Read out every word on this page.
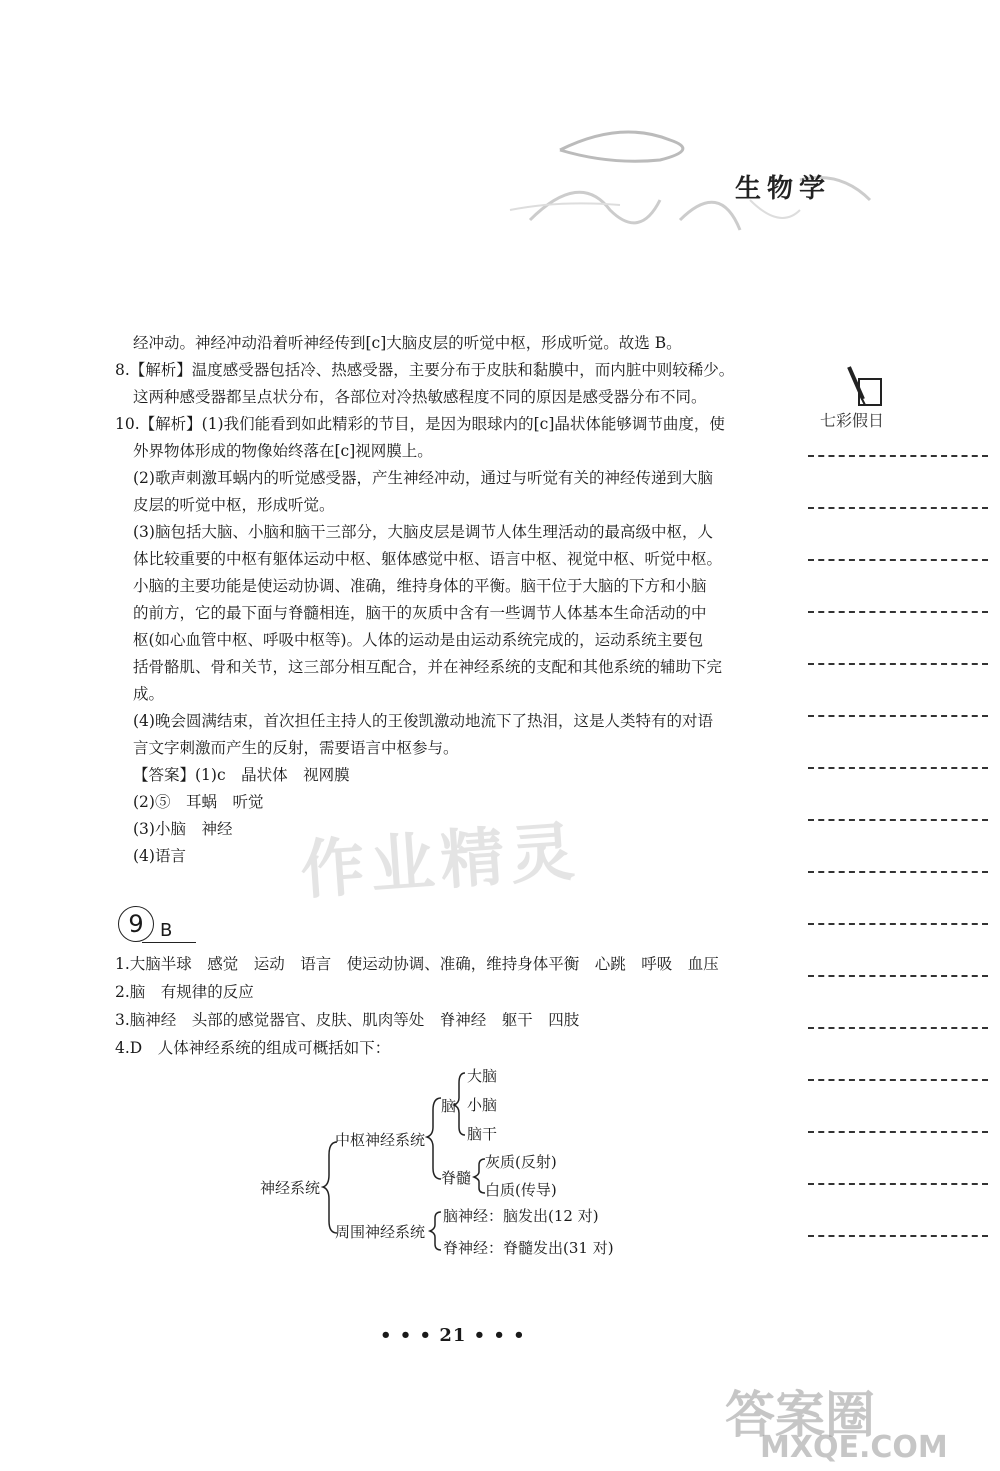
生物学
七彩假日

经冲动。神经冲动沿着听神经传到[c]大脑皮层的听觉中枢，形成听觉。故选 B。

8.【解析】温度感受器包括冷、热感受器，主要分布于皮肤和黏膜中，而内脏中则较稀少。

这两种感受器都呈点状分布，各部位对冷热敏感程度不同的原因是感受器分布不同。

10.【解析】(1)我们能看到如此精彩的节目，是因为眼球内的[c]晶状体能够调节曲度，使

外界物体形成的物像始终落在[c]视网膜上。

(2)歌声刺激耳蜗内的听觉感受器，产生神经冲动，通过与听觉有关的神经传递到大脑

皮层的听觉中枢，形成听觉。

(3)脑包括大脑、小脑和脑干三部分，大脑皮层是调节人体生理活动的最高级中枢，人

体比较重要的中枢有躯体运动中枢、躯体感觉中枢、语言中枢、视觉中枢、听觉中枢。

小脑的主要功能是使运动协调、准确，维持身体的平衡。脑干位于大脑的下方和小脑

的前方，它的最下面与脊髓相连，脑干的灰质中含有一些调节人体基本生命活动的中

枢(如心血管中枢、呼吸中枢等)。人体的运动是由运动系统完成的，运动系统主要包

括骨骼肌、骨和关节，这三部分相互配合，并在神经系统的支配和其他系统的辅助下完

成。

(4)晚会圆满结束，首次担任主持人的王俊凯激动地流下了热泪，这是人类特有的对语

言文字刺激而产生的反射，需要语言中枢参与。

【答案】(1)c　晶状体　视网膜

(2)⑤　耳蜗　听觉

(3)小脑　神经

(4)语言	作业精灵
9 B

1.大脑半球　感觉　运动　语言　使运动协调、准确，维持身体平衡　心跳　呼吸　血压

2.脑　有规律的反应

3.脑神经　头部的感觉器官、皮肤、肌肉等处　脊神经　躯干　四肢

4.D　人体神经系统的组成可概括如下：

神经系统
中枢神经系统
周围神经系统
脑
大脑
小脑
脑干
脊髓
灰质(反射)
白质(传导)
脑神经：脑发出(12 对)
脊神经：脊髓发出(31 对)
• • • 21 • • •
答案圈
MXQE.COM
